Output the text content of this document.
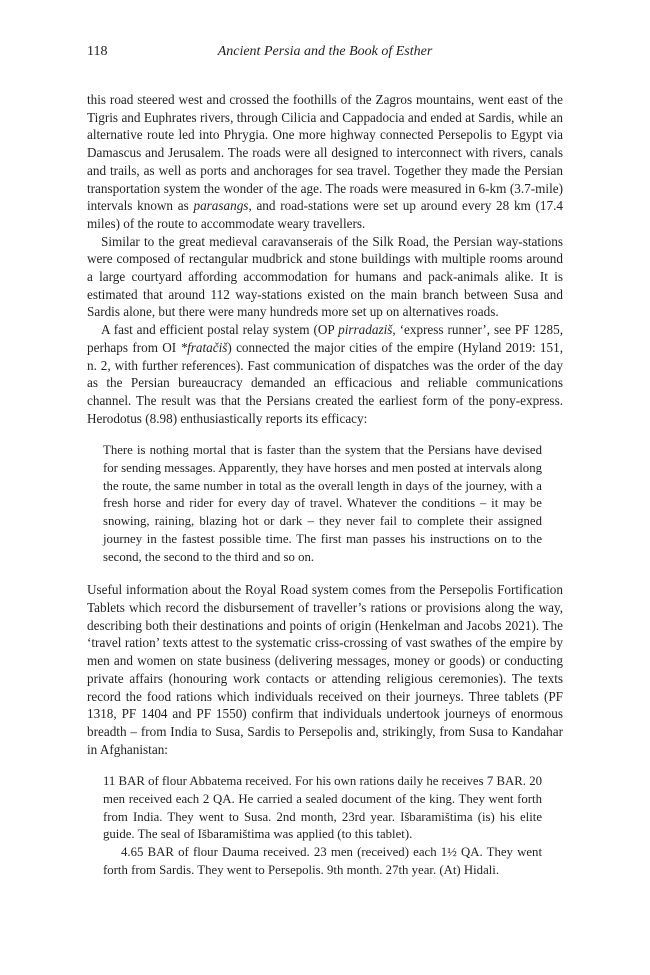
118	Ancient Persia and the Book of Esther

this road steered west and crossed the foothills of the Zagros mountains, went east of the Tigris and Euphrates rivers, through Cilicia and Cappadocia and ended at Sardis, while an alternative route led into Phrygia. One more highway connected Persepolis to Egypt via Damascus and Jerusalem. The roads were all designed to interconnect with rivers, canals and trails, as well as ports and anchorages for sea travel. Together they made the Persian transportation system the wonder of the age. The roads were measured in 6-km (3.7-mile) intervals known as parasangs, and road-stations were set up around every 28 km (17.4 miles) of the route to accommodate weary travellers.

Similar to the great medieval caravanserais of the Silk Road, the Persian way-stations were composed of rectangular mudbrick and stone buildings with multiple rooms around a large courtyard affording accommodation for humans and pack-animals alike. It is estimated that around 112 way-stations existed on the main branch between Susa and Sardis alone, but there were many hundreds more set up on alternatives roads.

A fast and efficient postal relay system (OP pirradaziš, ‘express runner’, see PF 1285, perhaps from OI *fratačiš) connected the major cities of the empire (Hyland 2019: 151, n. 2, with further references). Fast communication of dispatches was the order of the day as the Persian bureaucracy demanded an efficacious and reliable communications channel. The result was that the Persians created the earliest form of the pony-express. Herodotus (8.98) enthusiastically reports its efficacy:

There is nothing mortal that is faster than the system that the Persians have devised for sending messages. Apparently, they have horses and men posted at intervals along the route, the same number in total as the overall length in days of the journey, with a fresh horse and rider for every day of travel. Whatever the conditions – it may be snowing, raining, blazing hot or dark – they never fail to complete their assigned journey in the fastest possible time. The first man passes his instructions on to the second, the second to the third and so on.

Useful information about the Royal Road system comes from the Persepolis Fortification Tablets which record the disbursement of traveller’s rations or provisions along the way, describing both their destinations and points of origin (Henkelman and Jacobs 2021). The ‘travel ration’ texts attest to the systematic criss-crossing of vast swathes of the empire by men and women on state business (delivering messages, money or goods) or conducting private affairs (honouring work contacts or attending religious ceremonies). The texts record the food rations which individuals received on their journeys. Three tablets (PF 1318, PF 1404 and PF 1550) confirm that individuals undertook journeys of enormous breadth – from India to Susa, Sardis to Persepolis and, strikingly, from Susa to Kandahar in Afghanistan:

11 BAR of flour Abbatema received. For his own rations daily he receives 7 BAR. 20 men received each 2 QA. He carried a sealed document of the king. They went forth from India. They went to Susa. 2nd month, 23rd year. Išbaramištima (is) his elite guide. The seal of Išbaramištima was applied (to this tablet).

4.65 BAR of flour Dauma received. 23 men (received) each 1½ QA. They went forth from Sardis. They went to Persepolis. 9th month. 27th year. (At) Hidali.
